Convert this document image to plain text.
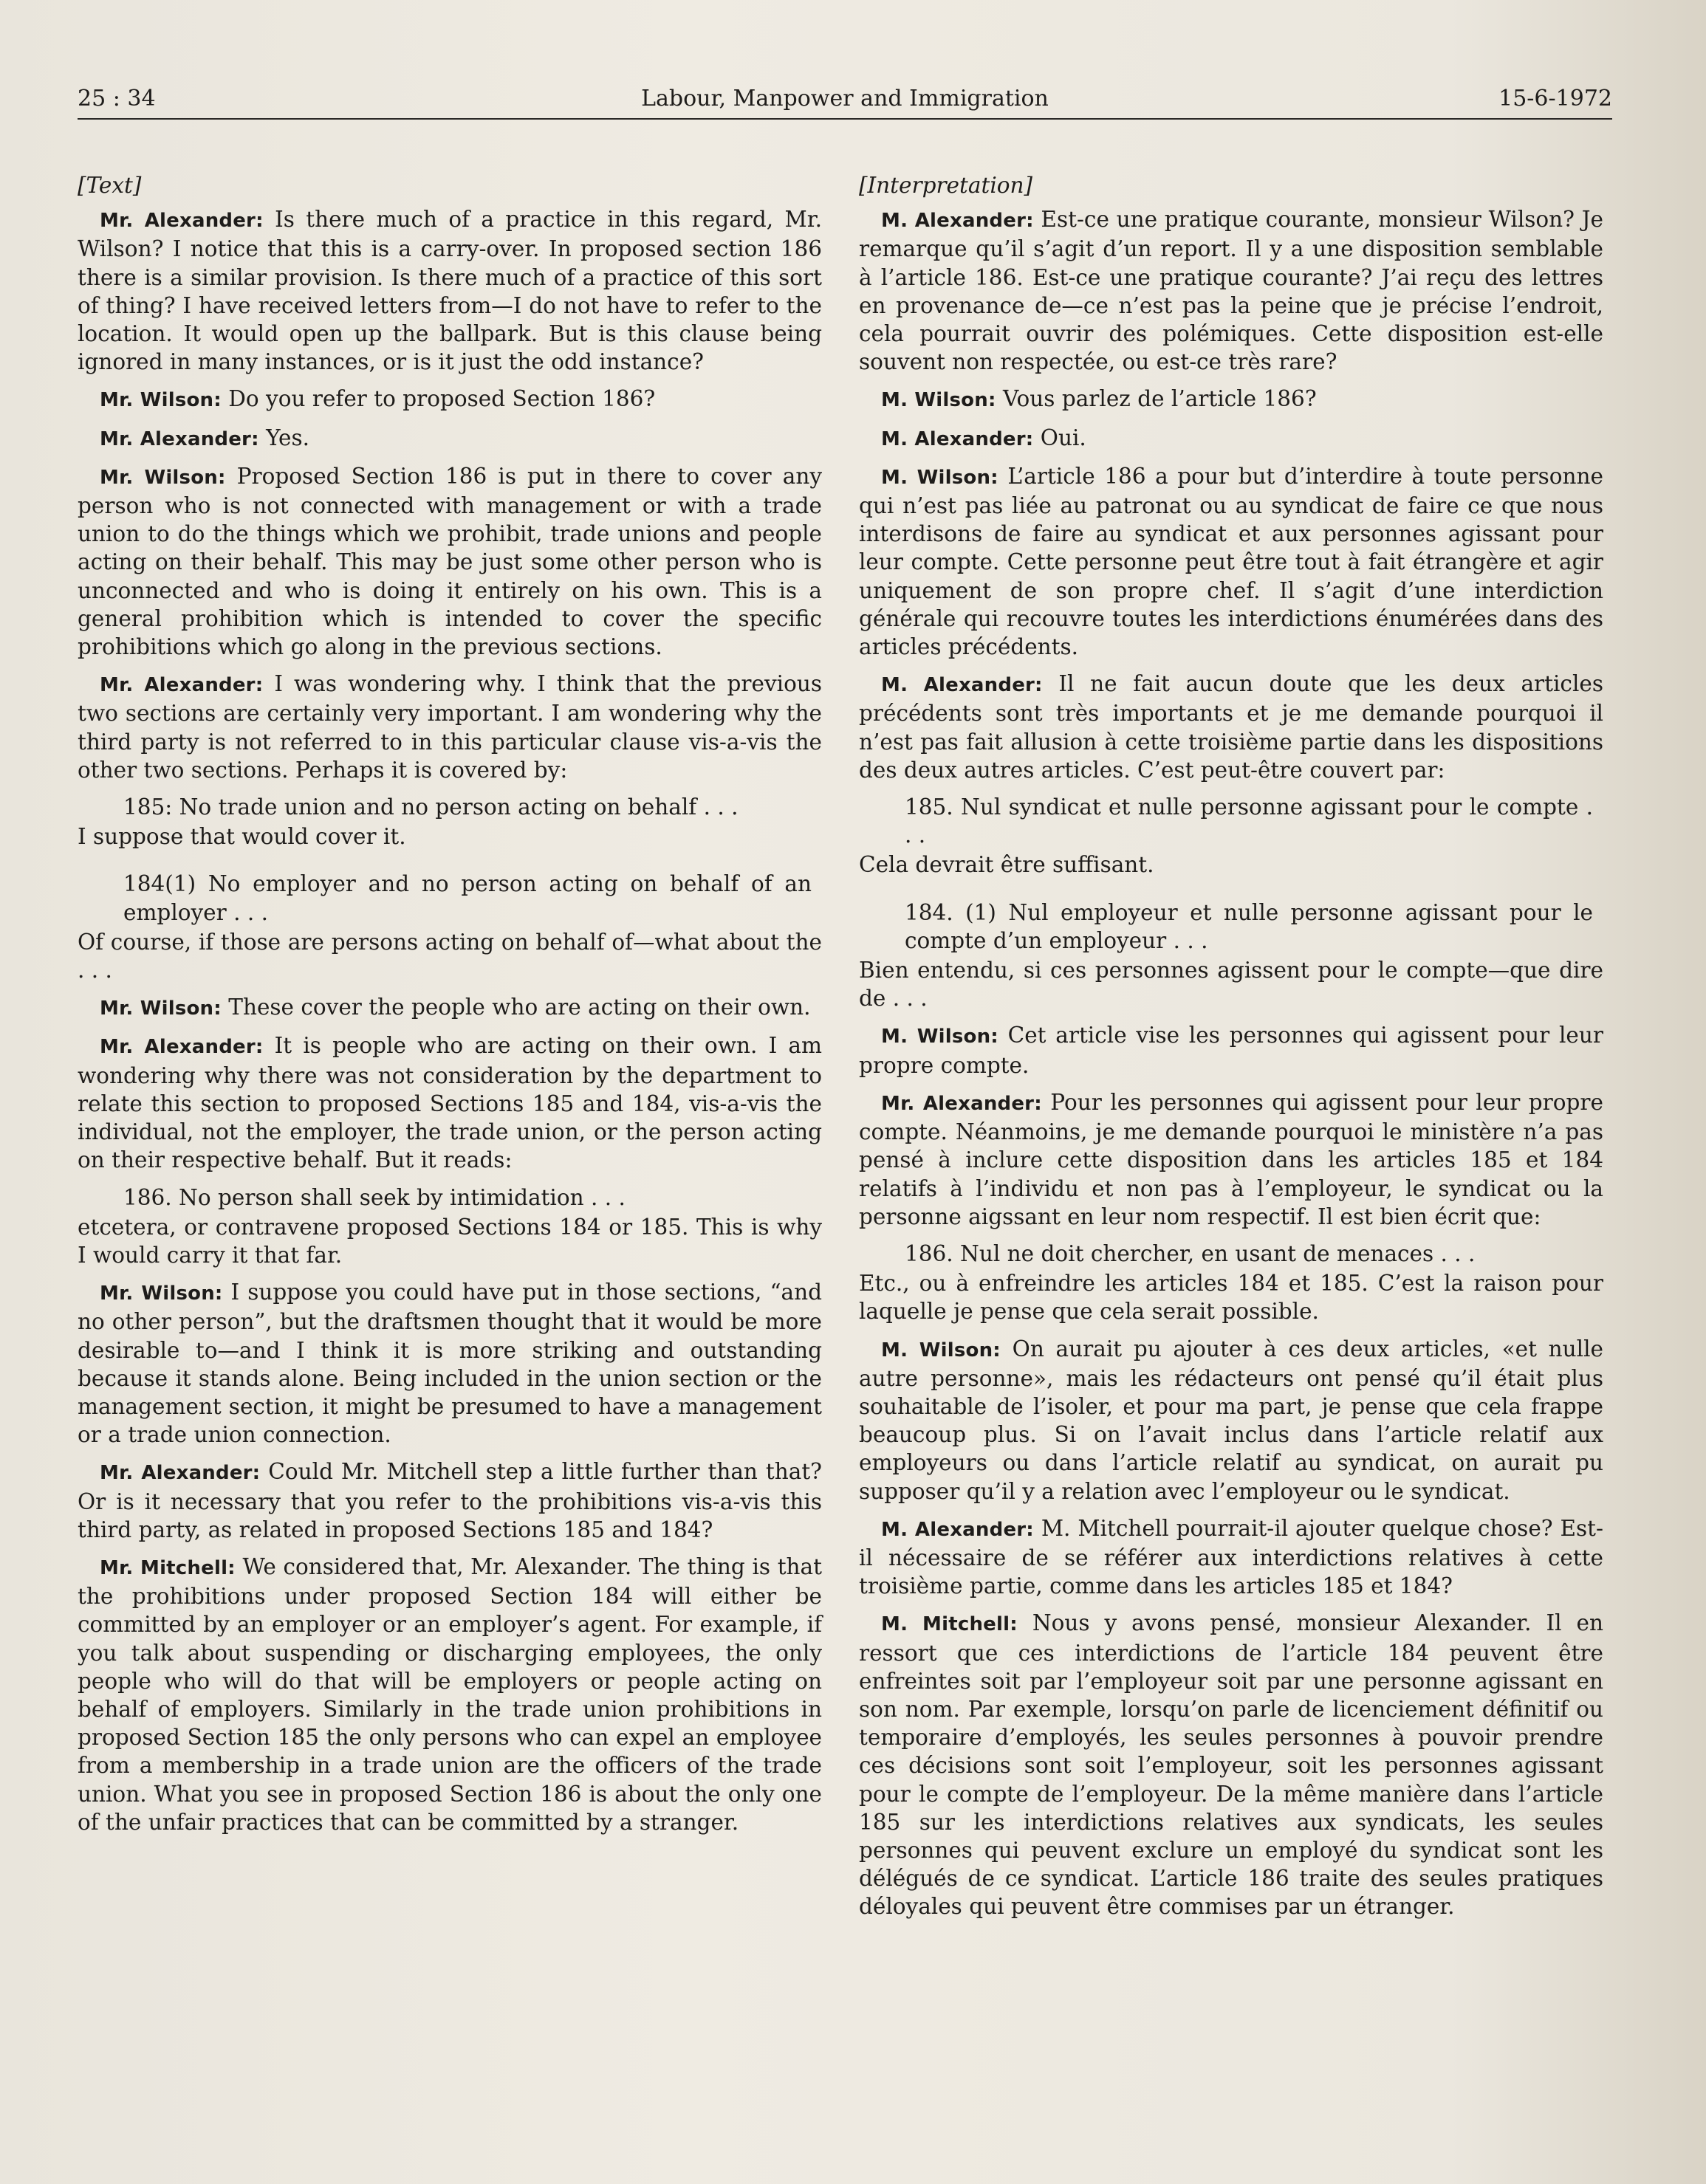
25 : 34	Labour, Manpower and Immigration	15-6-1972

[Text]

Mr. Alexander: Is there much of a practice in this regard, Mr. Wilson? I notice that this is a carry-over. In proposed section 186 there is a similar provision. Is there much of a practice of this sort of thing? I have received letters from—I do not have to refer to the location. It would open up the ballpark. But is this clause being ignored in many instances, or is it just the odd instance?

Mr. Wilson: Do you refer to proposed Section 186?

Mr. Alexander: Yes.

Mr. Wilson: Proposed Section 186 is put in there to cover any person who is not connected with management or with a trade union to do the things which we prohibit, trade unions and people acting on their behalf. This may be just some other person who is unconnected and who is doing it entirely on his own. This is a general prohibition which is intended to cover the specific prohibitions which go along in the previous sections.

Mr. Alexander: I was wondering why. I think that the previous two sections are certainly very important. I am wondering why the third party is not referred to in this particular clause vis-a-vis the other two sections. Perhaps it is covered by:

185: No trade union and no person acting on behalf . . .

I suppose that would cover it.

184(1) No employer and no person acting on behalf of an employer . . .

Of course, if those are persons acting on behalf of—what about the . . .

Mr. Wilson: These cover the people who are acting on their own.

Mr. Alexander: It is people who are acting on their own. I am wondering why there was not consideration by the department to relate this section to proposed Sections 185 and 184, vis-a-vis the individual, not the employer, the trade union, or the person acting on their respective behalf. But it reads:

186. No person shall seek by intimidation . . .

etcetera, or contravene proposed Sections 184 or 185. This is why I would carry it that far.

Mr. Wilson: I suppose you could have put in those sections, “and no other person”, but the draftsmen thought that it would be more desirable to—and I think it is more striking and outstanding because it stands alone. Being included in the union section or the management section, it might be presumed to have a management or a trade union connection.

Mr. Alexander: Could Mr. Mitchell step a little further than that? Or is it necessary that you refer to the prohibitions vis-a-vis this third party, as related in proposed Sections 185 and 184?

Mr. Mitchell: We considered that, Mr. Alexander. The thing is that the prohibitions under proposed Section 184 will either be committed by an employer or an employer’s agent. For example, if you talk about suspending or discharging employees, the only people who will do that will be employers or people acting on behalf of employers. Similarly in the trade union prohibitions in proposed Section 185 the only persons who can expel an employee from a membership in a trade union are the officers of the trade union. What you see in proposed Section 186 is about the only one of the unfair practices that can be committed by a stranger.

[Interpretation]

M. Alexander: Est-ce une pratique courante, monsieur Wilson? Je remarque qu’il s’agit d’un report. Il y a une disposition semblable à l’article 186. Est-ce une pratique courante? J’ai reçu des lettres en provenance de—ce n’est pas la peine que je précise l’endroit, cela pourrait ouvrir des polémiques. Cette disposition est-elle souvent non respectée, ou est-ce très rare?

M. Wilson: Vous parlez de l’article 186?

M. Alexander: Oui.

M. Wilson: L’article 186 a pour but d’interdire à toute personne qui n’est pas liée au patronat ou au syndicat de faire ce que nous interdisons de faire au syndicat et aux personnes agissant pour leur compte. Cette personne peut être tout à fait étrangère et agir uniquement de son propre chef. Il s’agit d’une interdiction générale qui recouvre toutes les interdictions énumérées dans des articles précédents.

M. Alexander: Il ne fait aucun doute que les deux articles précédents sont très importants et je me demande pourquoi il n’est pas fait allusion à cette troisième partie dans les dispositions des deux autres articles. C’est peut-être couvert par:

185. Nul syndicat et nulle personne agissant pour le compte . . .

Cela devrait être suffisant.

184. (1) Nul employeur et nulle personne agissant pour le compte d’un employeur . . .

Bien entendu, si ces personnes agissent pour le compte—que dire de . . .

M. Wilson: Cet article vise les personnes qui agissent pour leur propre compte.

Mr. Alexander: Pour les personnes qui agissent pour leur propre compte. Néanmoins, je me demande pourquoi le ministère n’a pas pensé à inclure cette disposition dans les articles 185 et 184 relatifs à l’individu et non pas à l’employeur, le syndicat ou la personne aigssant en leur nom respectif. Il est bien écrit que:

186. Nul ne doit chercher, en usant de menaces . . .

Etc., ou à enfreindre les articles 184 et 185. C’est la raison pour laquelle je pense que cela serait possible.

M. Wilson: On aurait pu ajouter à ces deux articles, «et nulle autre personne», mais les rédacteurs ont pensé qu’il était plus souhaitable de l’isoler, et pour ma part, je pense que cela frappe beaucoup plus. Si on l’avait inclus dans l’article relatif aux employeurs ou dans l’article relatif au syndicat, on aurait pu supposer qu’il y a relation avec l’employeur ou le syndicat.

M. Alexander: M. Mitchell pourrait-il ajouter quelque chose? Est-il nécessaire de se référer aux interdictions relatives à cette troisième partie, comme dans les articles 185 et 184?

M. Mitchell: Nous y avons pensé, monsieur Alexander. Il en ressort que ces interdictions de l’article 184 peuvent être enfreintes soit par l’employeur soit par une personne agissant en son nom. Par exemple, lorsqu’on parle de licenciement définitif ou temporaire d’employés, les seules personnes à pouvoir prendre ces décisions sont soit l’employeur, soit les personnes agissant pour le compte de l’employeur. De la même manière dans l’article 185 sur les interdictions relatives aux syndicats, les seules personnes qui peuvent exclure un employé du syndicat sont les délégués de ce syndicat. L’article 186 traite des seules pratiques déloyales qui peuvent être commises par un étranger.
